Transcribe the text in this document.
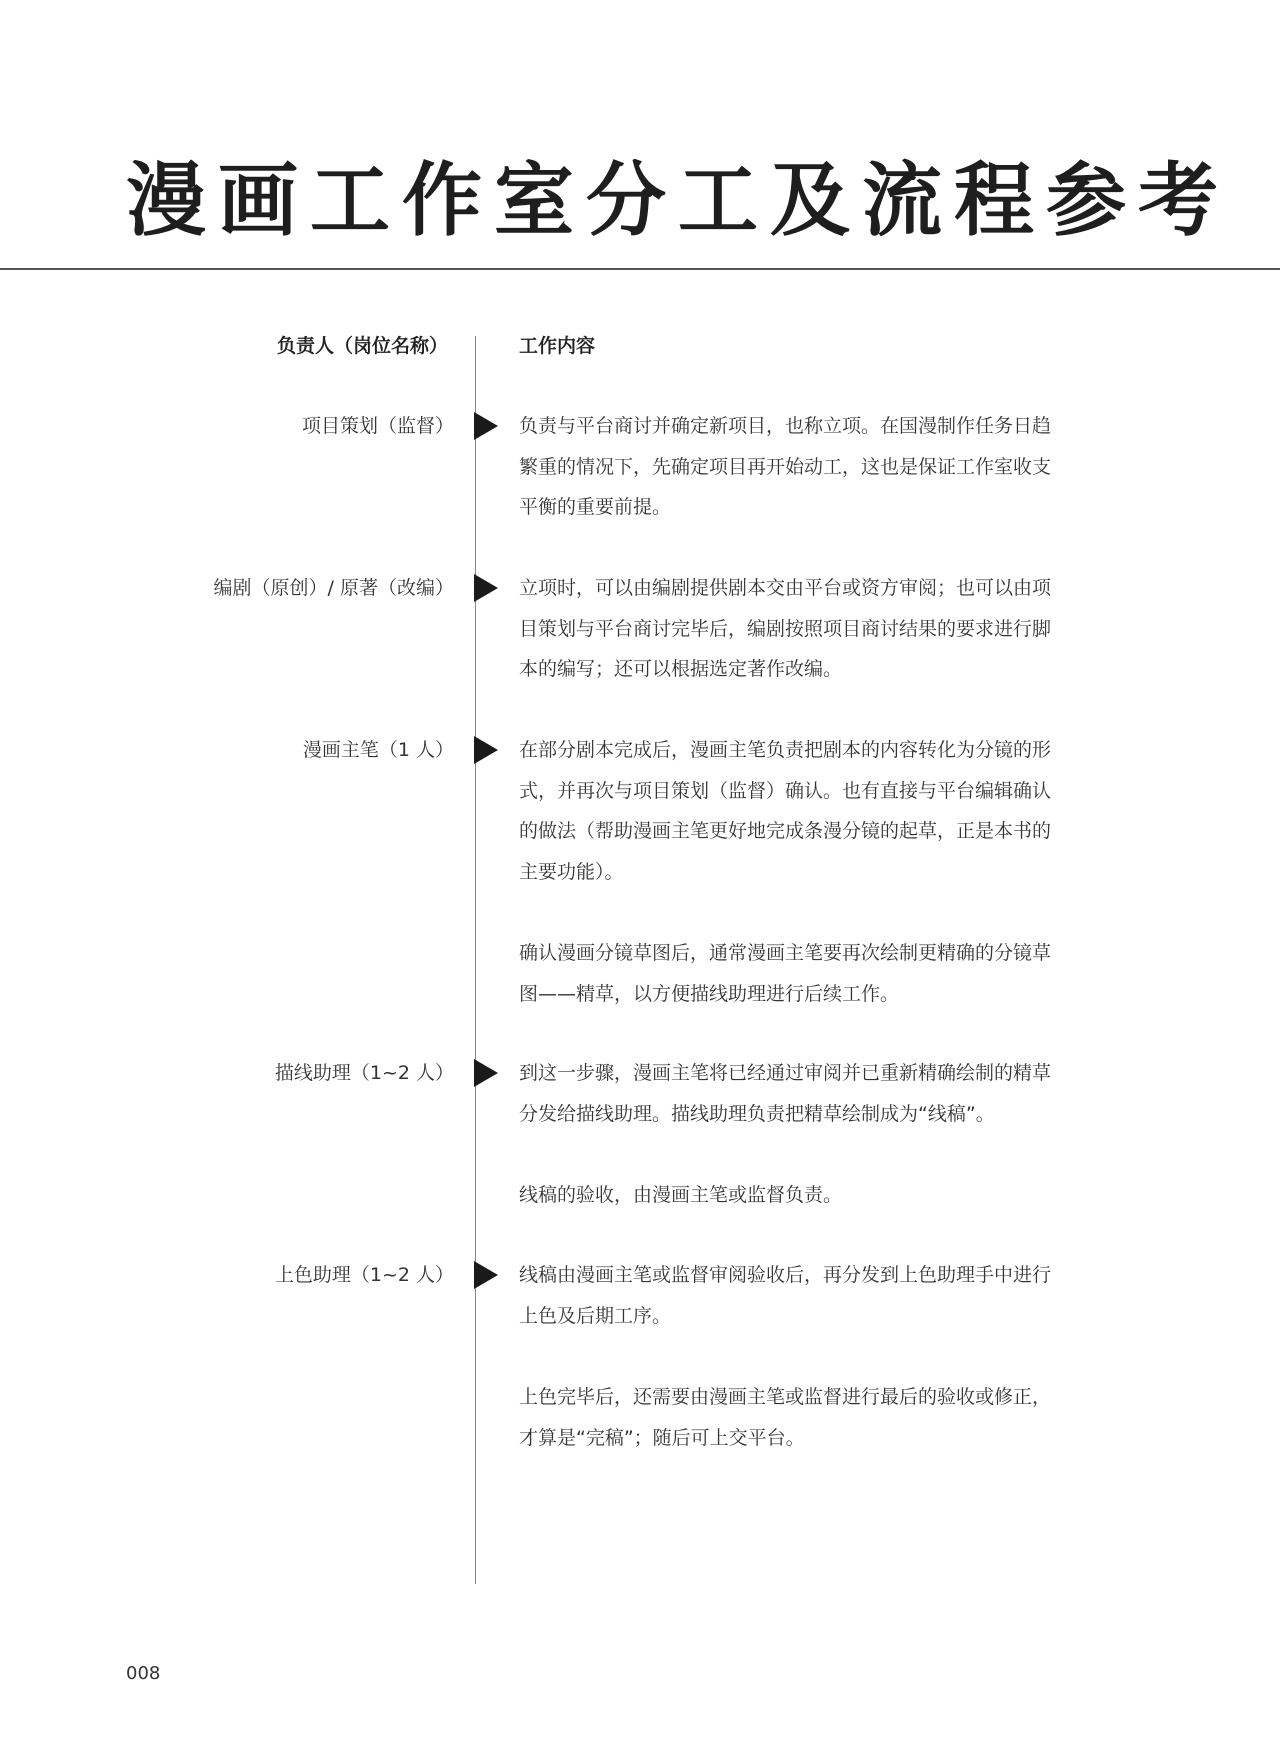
漫画工作室分工及流程参考
负责人（岗位名称）	工作内容
项目策划（监督）	负责与平台商讨并确定新项目，也称立项。在国漫制作任务日趋繁重的情况下，先确定项目再开始动工，这也是保证工作室收支平衡的重要前提。

编剧（原创）/ 原著（改编）	立项时，可以由编剧提供剧本交由平台或资方审阅；也可以由项目策划与平台商讨完毕后，编剧按照项目商讨结果的要求进行脚本的编写；还可以根据选定著作改编。

漫画主笔（1 人）	在部分剧本完成后，漫画主笔负责把剧本的内容转化为分镜的形式，并再次与项目策划（监督）确认。也有直接与平台编辑确认的做法（帮助漫画主笔更好地完成条漫分镜的起草，正是本书的主要功能）。

确认漫画分镜草图后，通常漫画主笔要再次绘制更精确的分镜草图——精草，以方便描线助理进行后续工作。

描线助理（1~2 人）	到这一步骤，漫画主笔将已经通过审阅并已重新精确绘制的精草分发给描线助理。描线助理负责把精草绘制成为“线稿”。

线稿的验收，由漫画主笔或监督负责。

上色助理（1~2 人）	线稿由漫画主笔或监督审阅验收后，再分发到上色助理手中进行上色及后期工序。

上色完毕后，还需要由漫画主笔或监督进行最后的验收或修正，才算是“完稿”；随后可上交平台。

008
